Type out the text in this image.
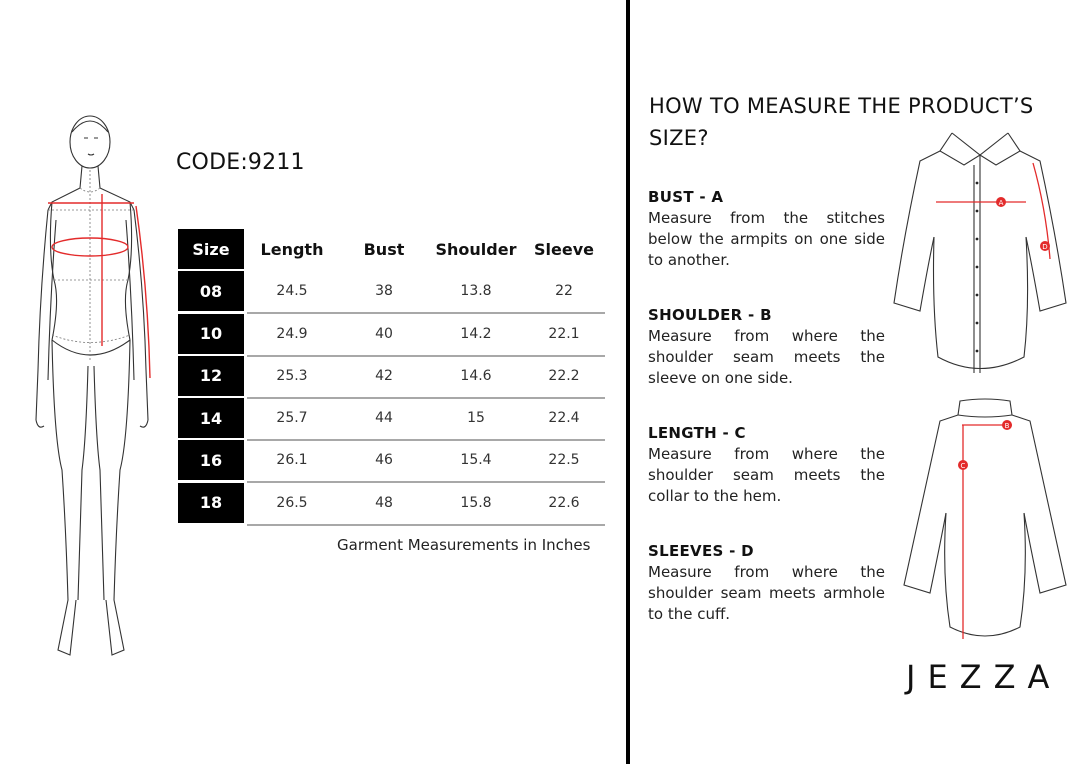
CODE:9211
Size	Length	Bust	Shoulder	Sleeve
08	24.5	38	13.8	22
10	24.9	40	14.2	22.1
12	25.3	42	14.6	22.2
14	25.7	44	15	22.4
16	26.1	46	15.4	22.5
18	26.5	48	15.8	22.6
Garment Measurements in Inches
HOW TO MEASURE THE PRODUCT’S SIZE?
BUST - A

Measure from the stitches below the armpits on one side to another.

SHOULDER - B

Measure from where the shoulder seam meets the sleeve on one side.

LENGTH - C

Measure from where the shoulder seam meets the collar to the hem.

SLEEVES - D

Measure from where the shoulder seam meets armhole to the cuff.

A
D
B
C
JEZZA
